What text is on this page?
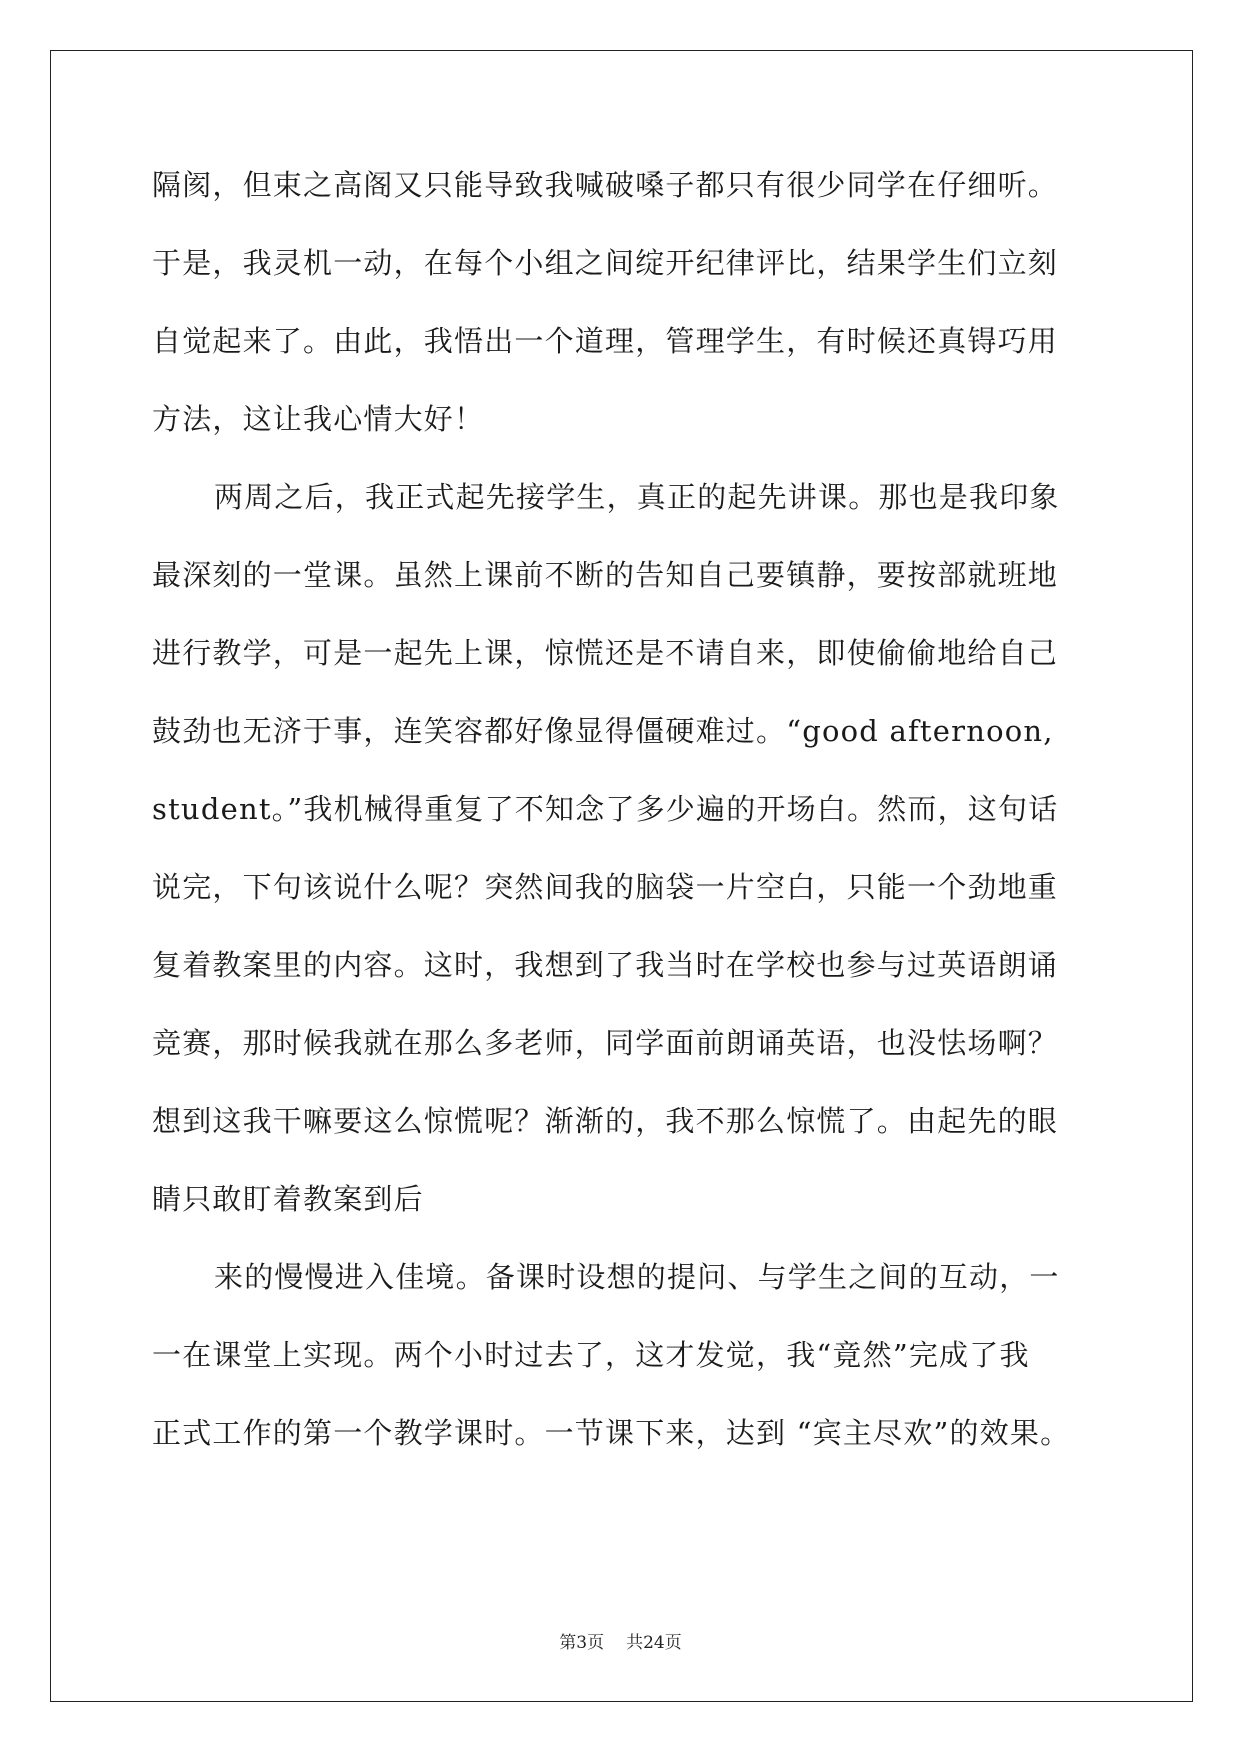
隔阂，但束之高阁又只能导致我喊破嗓子都只有很少同学在仔细听。
于是，我灵机一动，在每个小组之间绽开纪律评比，结果学生们立刻
自觉起来了。由此，我悟出一个道理，管理学生，有时候还真锝巧用
方法，这让我心情大好！
两周之后，我正式起先接学生，真正的起先讲课。那也是我印象
最深刻的一堂课。虽然上课前不断的告知自己要镇静，要按部就班地
进行教学，可是一起先上课，惊慌还是不请自来，即使偷偷地给自己
鼓劲也无济于事，连笑容都好像显得僵硬难过。“good afternoon,
student。”我机械得重复了不知念了多少遍的开场白。然而，这句话
说完，下句该说什么呢？突然间我的脑袋一片空白，只能一个劲地重
复着教案里的内容。这时，我想到了我当时在学校也参与过英语朗诵
竞赛，那时候我就在那么多老师，同学面前朗诵英语，也没怯场啊？
想到这我干嘛要这么惊慌呢？渐渐的，我不那么惊慌了。由起先的眼
睛只敢盯着教案到后
来的慢慢进入佳境。备课时设想的提问、与学生之间的互动，一
一在课堂上实现。两个小时过去了，这才发觉，我“竟然”完成了我
正式工作的第一个教学课时。一节课下来，达到 “宾主尽欢”的效果。
第3页 共24页
